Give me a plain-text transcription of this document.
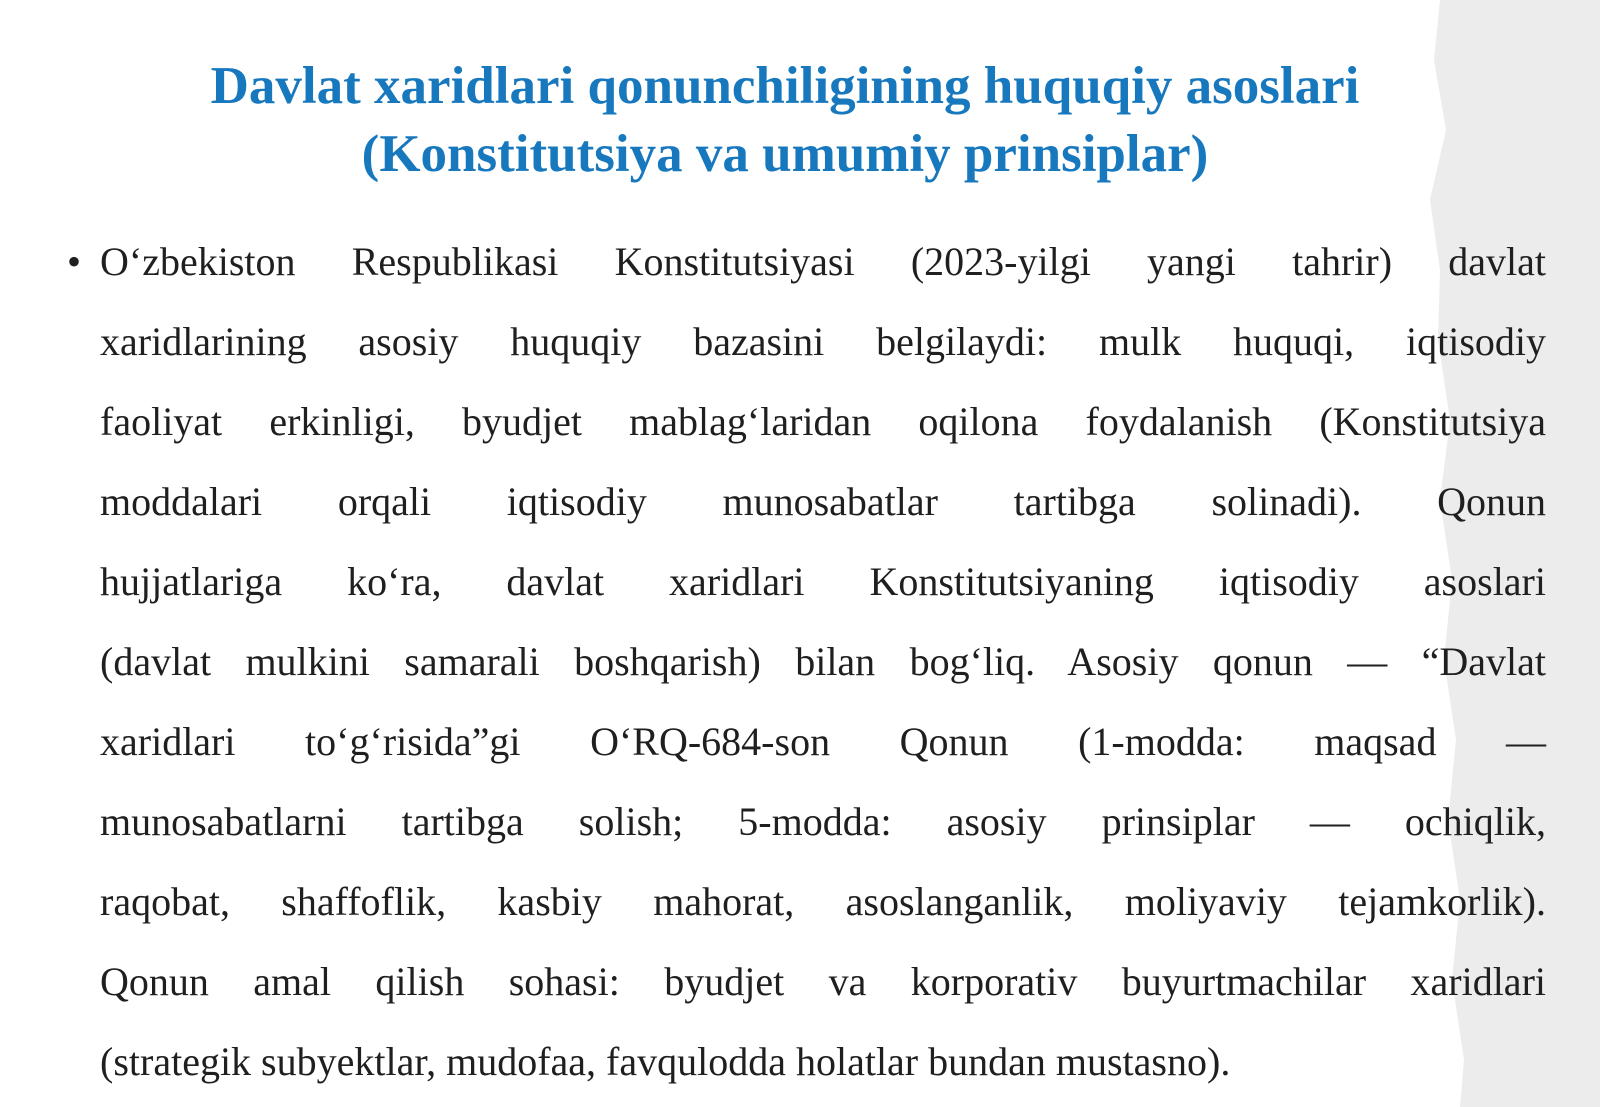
Davlat xaridlari qonunchiligining huquqiy asoslari
(Konstitutsiya va umumiy prinsiplar)
• O‘zbekiston Respublikasi Konstitutsiyasi (2023-yilgi yangi tahrir) davlat
xaridlarining asosiy huquqiy bazasini belgilaydi: mulk huquqi, iqtisodiy
faoliyat erkinligi, byudjet mablag‘laridan oqilona foydalanish (Konstitutsiya
moddalari orqali iqtisodiy munosabatlar tartibga solinadi). Qonun
hujjatlariga ko‘ra, davlat xaridlari Konstitutsiyaning iqtisodiy asoslari
(davlat mulkini samarali boshqarish) bilan bog‘liq. Asosiy qonun — “Davlat
xaridlari to‘g‘risida”gi O‘RQ-684-son Qonun (1-modda: maqsad —
munosabatlarni tartibga solish; 5-modda: asosiy prinsiplar — ochiqlik,
raqobat, shaffoflik, kasbiy mahorat, asoslanganlik, moliyaviy tejamkorlik).
Qonun amal qilish sohasi: byudjet va korporativ buyurtmachilar xaridlari
(strategik subyektlar, mudofaa, favqulodda holatlar bundan mustasno).
